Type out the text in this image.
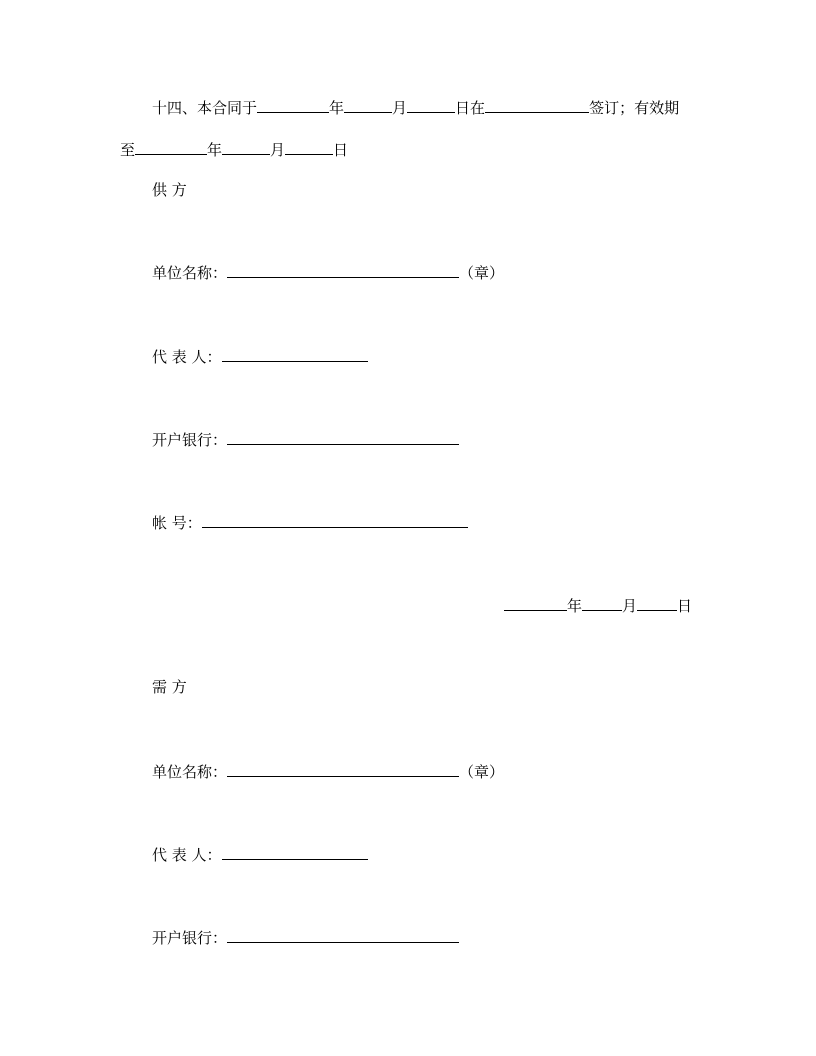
十四、本合同于	年	月	日在	签订；有效期
至	年	月	日
供 方
单位名称：	（章）
代 表 人：
开户银行：
帐 号：
年	月	日
需 方
单位名称：	（章）
代 表 人：
开户银行：
